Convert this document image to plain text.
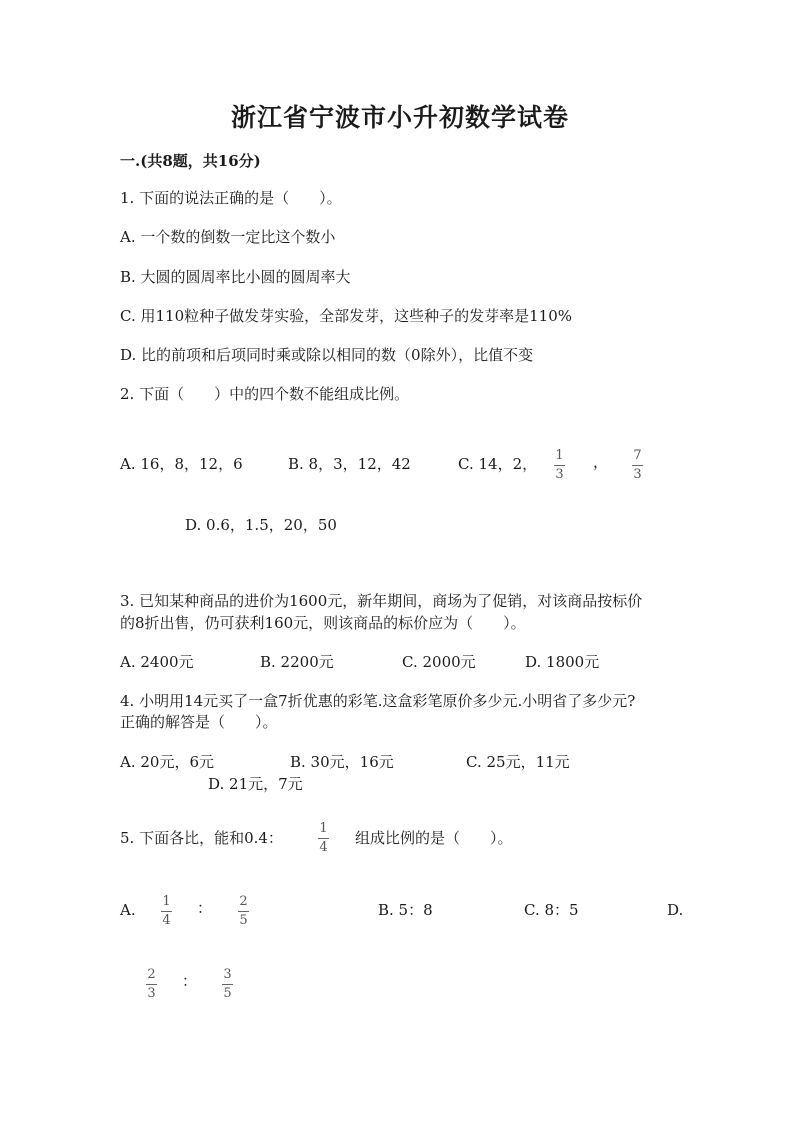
浙江省宁波市小升初数学试卷
一.(共8题，共16分)
1. 下面的说法正确的是（　　）。
A. 一个数的倒数一定比这个数小
B. 大圆的圆周率比小圆的圆周率大
C. 用110粒种子做发芽实验，全部发芽，这些种子的发芽率是110%
D. 比的前项和后项同时乘或除以相同的数（0除外），比值不变
2. 下面（　　）中的四个数不能组成比例。
A. 16，8，12，6	B. 8，3，12，42	C. 14，2， 1
3
， 7
3
D. 0.6，1.5，20，50
3. 已知某种商品的进价为1600元，新年期间，商场为了促销，对该商品按标价
的8折出售，仍可获利160元，则该商品的标价应为（　　）。
A. 2400元	B. 2200元	C. 2000元	D. 1800元
4. 小明用14元买了一盒7折优惠的彩笔.这盒彩笔原价多少元.小明省了多少元?
正确的解答是（　　）。
A. 20元，6元	B. 30元，16元	C. 25元，11元
D. 21元，7元
5. 下面各比，能和0.4：
1
4
组成比例的是（　　）。
A. 1
4
： 2
5
B. 5：8	C. 8：5	D.
2
3
： 3
5
